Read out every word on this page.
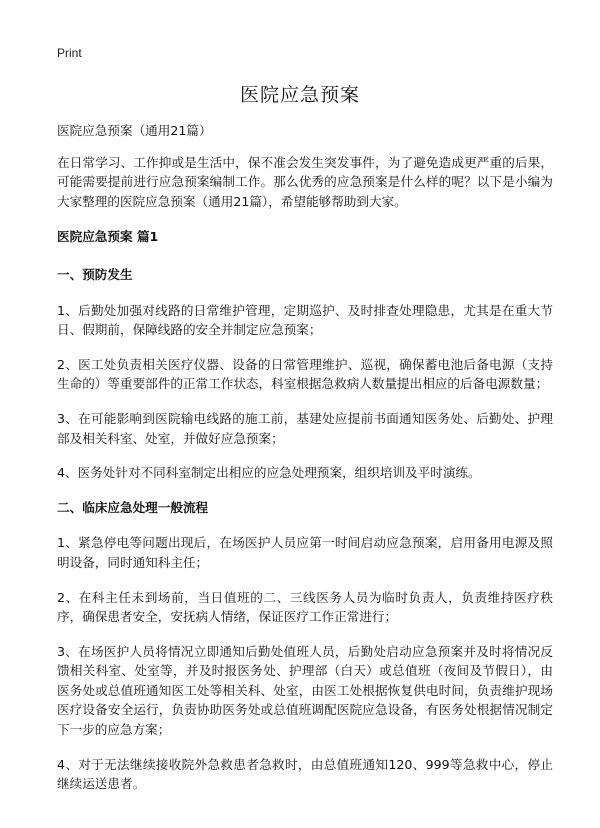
Print
医院应急预案

医院应急预案（通用21篇）

在日常学习、工作抑或是生活中，保不准会发生突发事件，为了避免造成更严重的后果，可能需要提前进行应急预案编制工作。那么优秀的应急预案是什么样的呢？以下是小编为大家整理的医院应急预案（通用21篇），希望能够帮助到大家。

医院应急预案 篇1

一、预防发生

1、后勤处加强对线路的日常维护管理，定期巡护、及时排查处理隐患，尤其是在重大节日、假期前，保障线路的安全并制定应急预案；

2、医工处负责相关医疗仪器、设备的日常管理维护、巡视，确保蓄电池后备电源（支持生命的）等重要部件的正常工作状态，科室根据急救病人数量提出相应的后备电源数量；

3、在可能影响到医院输电线路的施工前，基建处应提前书面通知医务处、后勤处、护理部及相关科室、处室，并做好应急预案；

4、医务处针对不同科室制定出相应的应急处理预案，组织培训及平时演练。

二、临床应急处理一般流程

1、紧急停电等问题出现后，在场医护人员应第一时间启动应急预案，启用备用电源及照明设备，同时通知科主任；

2、在科主任未到场前，当日值班的二、三线医务人员为临时负责人，负责维持医疗秩序，确保患者安全，安抚病人情绪，保证医疗工作正常进行；

3、在场医护人员将情况立即通知后勤处值班人员，后勤处启动应急预案并及时将情况反馈相关科室、处室等，并及时报医务处、护理部（白天）或总值班（夜间及节假日），由医务处或总值班通知医工处等相关科、处室，由医工处根据恢复供电时间，负责维护现场医疗设备安全运行，负责协助医务处或总值班调配医院应急设备，有医务处根据情况制定下一步的应急方案；

4、对于无法继续接收院外急救患者急救时，由总值班通知120、999等急救中心，停止继续运送患者。
